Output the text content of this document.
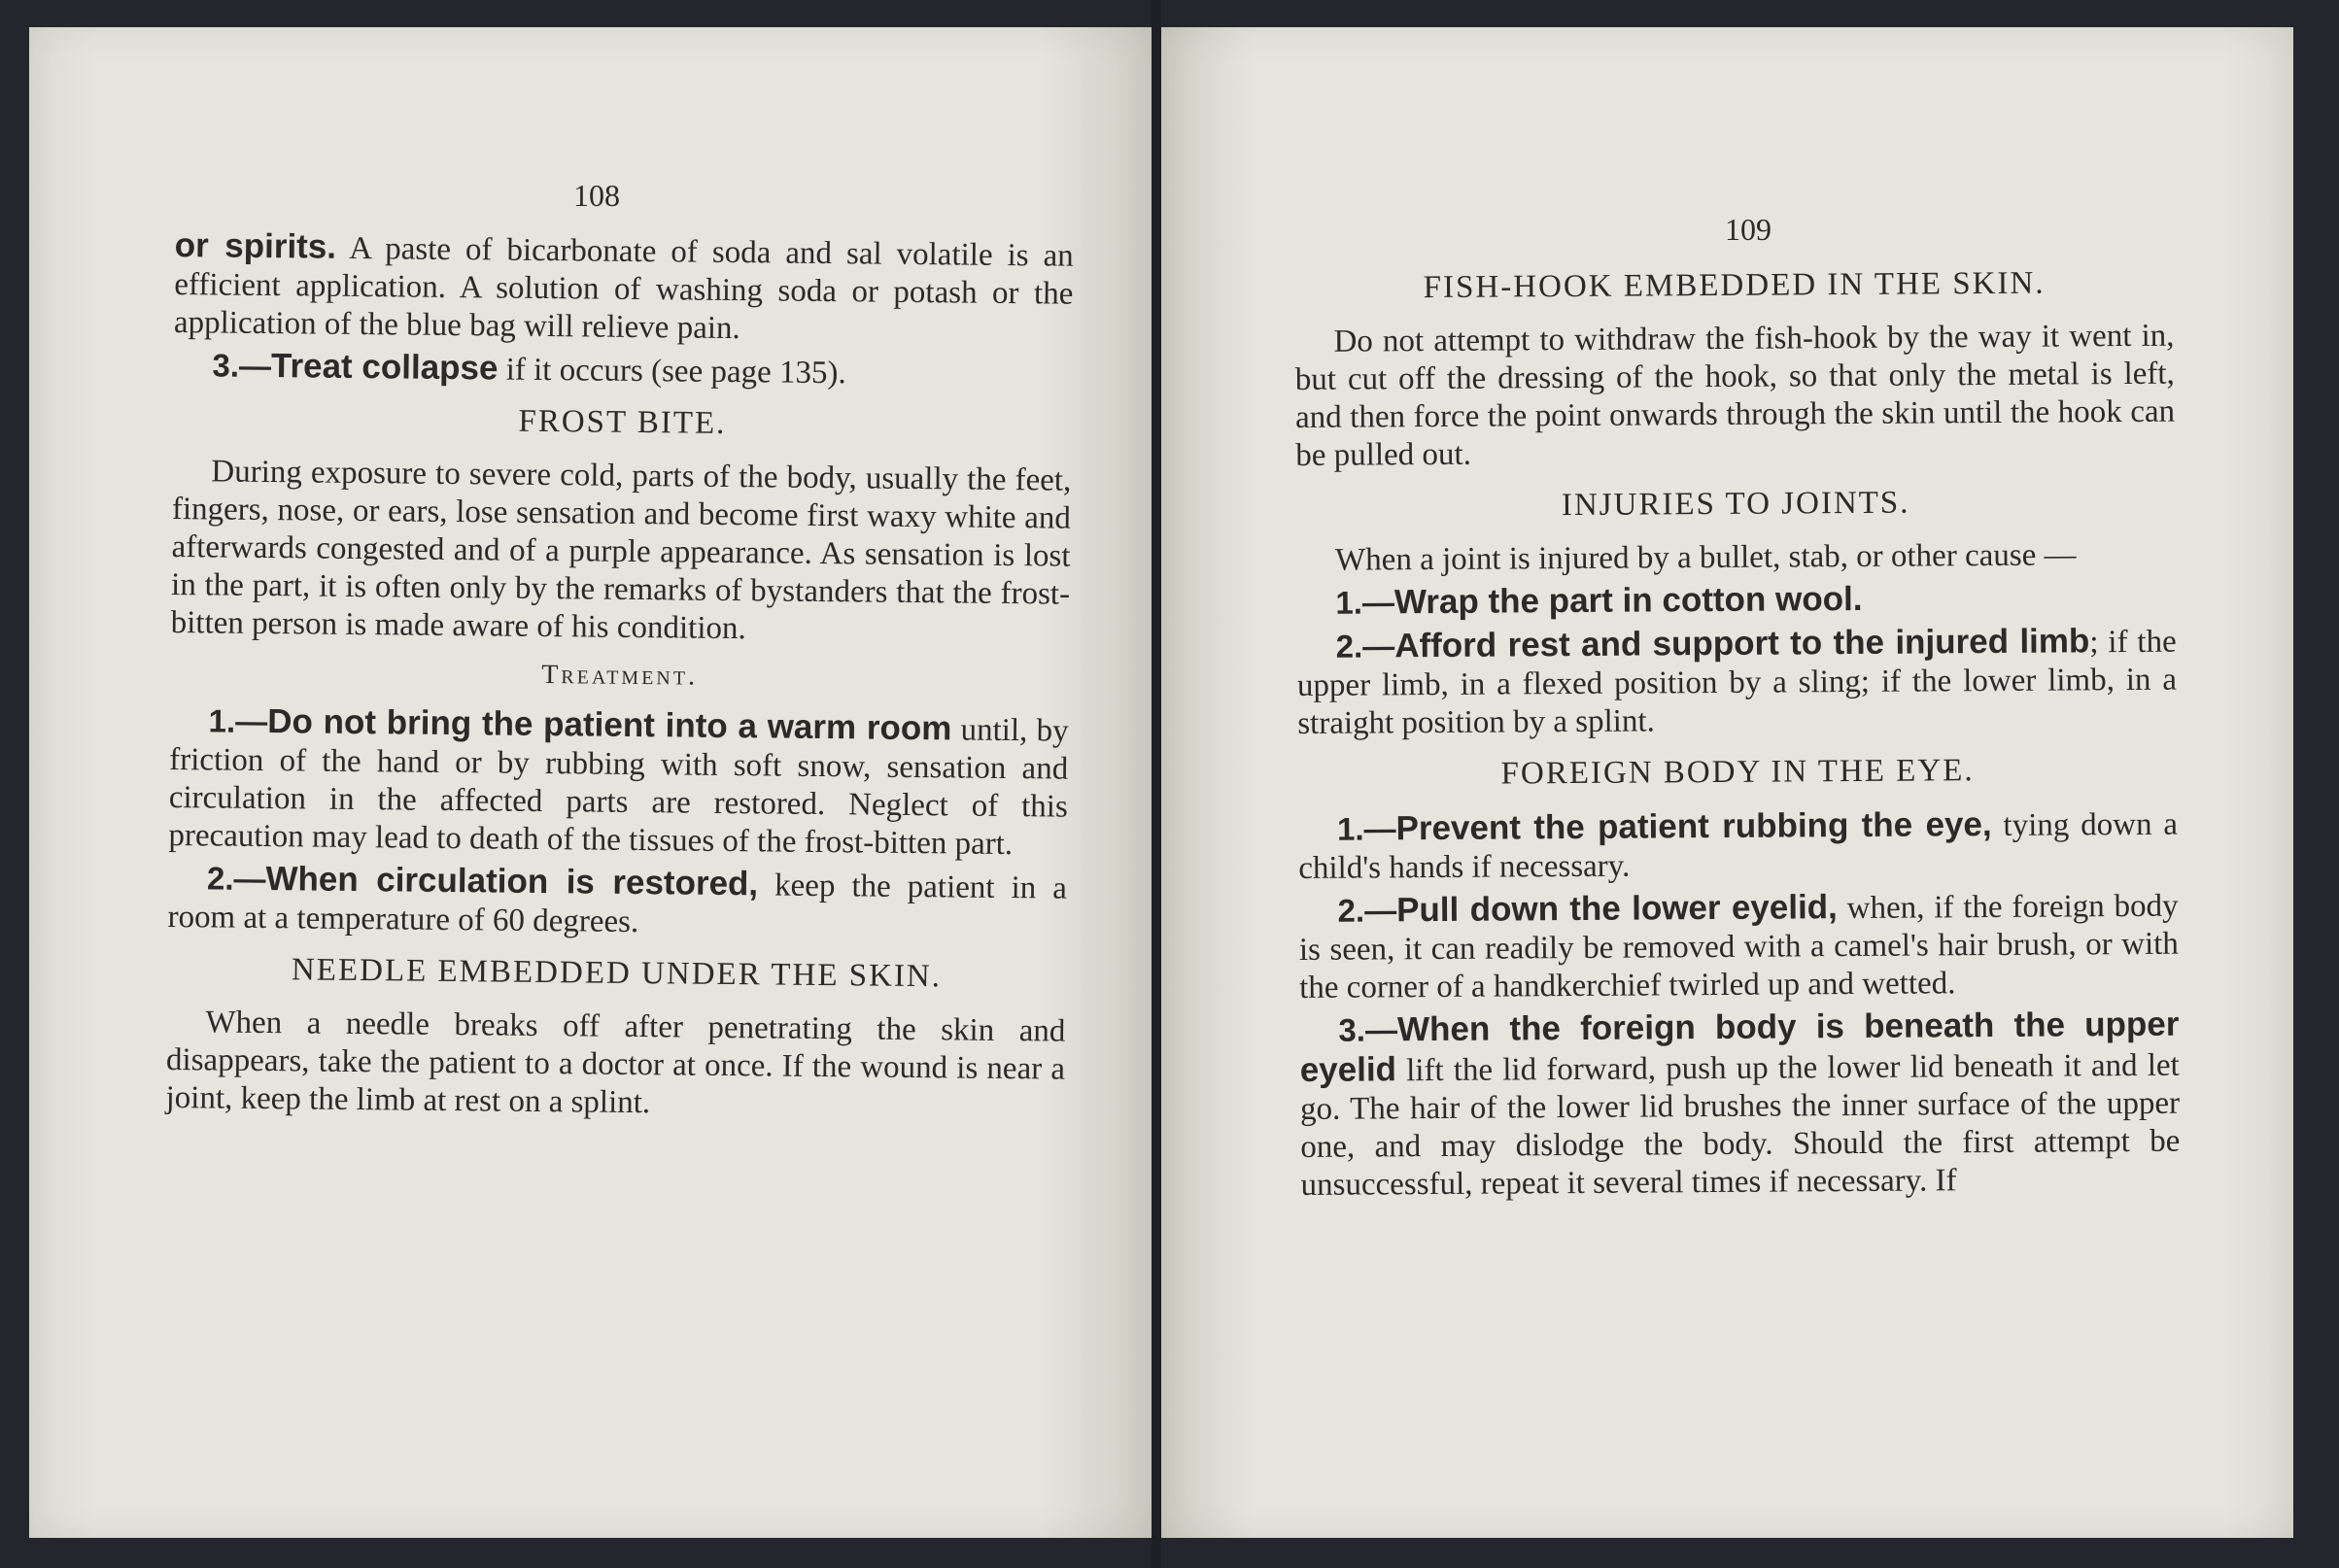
108

or spirits. A paste of bicarbonate of soda and sal volatile is an efficient application. A solution of washing soda or potash or the application of the blue bag will relieve pain.

3.—Treat collapse if it occurs (see page 135).

FROST BITE.

During exposure to severe cold, parts of the body, usually the feet, fingers, nose, or ears, lose sensation and become first waxy white and afterwards congested and of a purple appearance. As sensation is lost in the part, it is often only by the remarks of bystanders that the frost-bitten person is made aware of his condition.

Treatment.

1.—Do not bring the patient into a warm room until, by friction of the hand or by rubbing with soft snow, sensation and circulation in the affected parts are restored. Neglect of this precaution may lead to death of the tissues of the frost-bitten part.

2.—When circulation is restored, keep the patient in a room at a temperature of 60 degrees.

NEEDLE EMBEDDED UNDER THE SKIN.

When a needle breaks off after penetrating the skin and disappears, take the patient to a doctor at once. If the wound is near a joint, keep the limb at rest on a splint.

109
FISH-HOOK EMBEDDED IN THE SKIN.

Do not attempt to withdraw the fish-hook by the way it went in, but cut off the dressing of the hook, so that only the metal is left, and then force the point onwards through the skin until the hook can be pulled out.

INJURIES TO JOINTS.

When a joint is injured by a bullet, stab, or other cause —

1.—Wrap the part in cotton wool.

2.—Afford rest and support to the injured limb; if the upper limb, in a flexed position by a sling; if the lower limb, in a straight position by a splint.

FOREIGN BODY IN THE EYE.

1.—Prevent the patient rubbing the eye, tying down a child's hands if necessary.

2.—Pull down the lower eyelid, when, if the foreign body is seen, it can readily be removed with a camel's hair brush, or with the corner of a handkerchief twirled up and wetted.

3.—When the foreign body is beneath the upper eyelid lift the lid forward, push up the lower lid beneath it and let go. The hair of the lower lid brushes the inner surface of the upper one, and may dislodge the body. Should the first attempt be unsuccessful, repeat it several times if necessary. If
